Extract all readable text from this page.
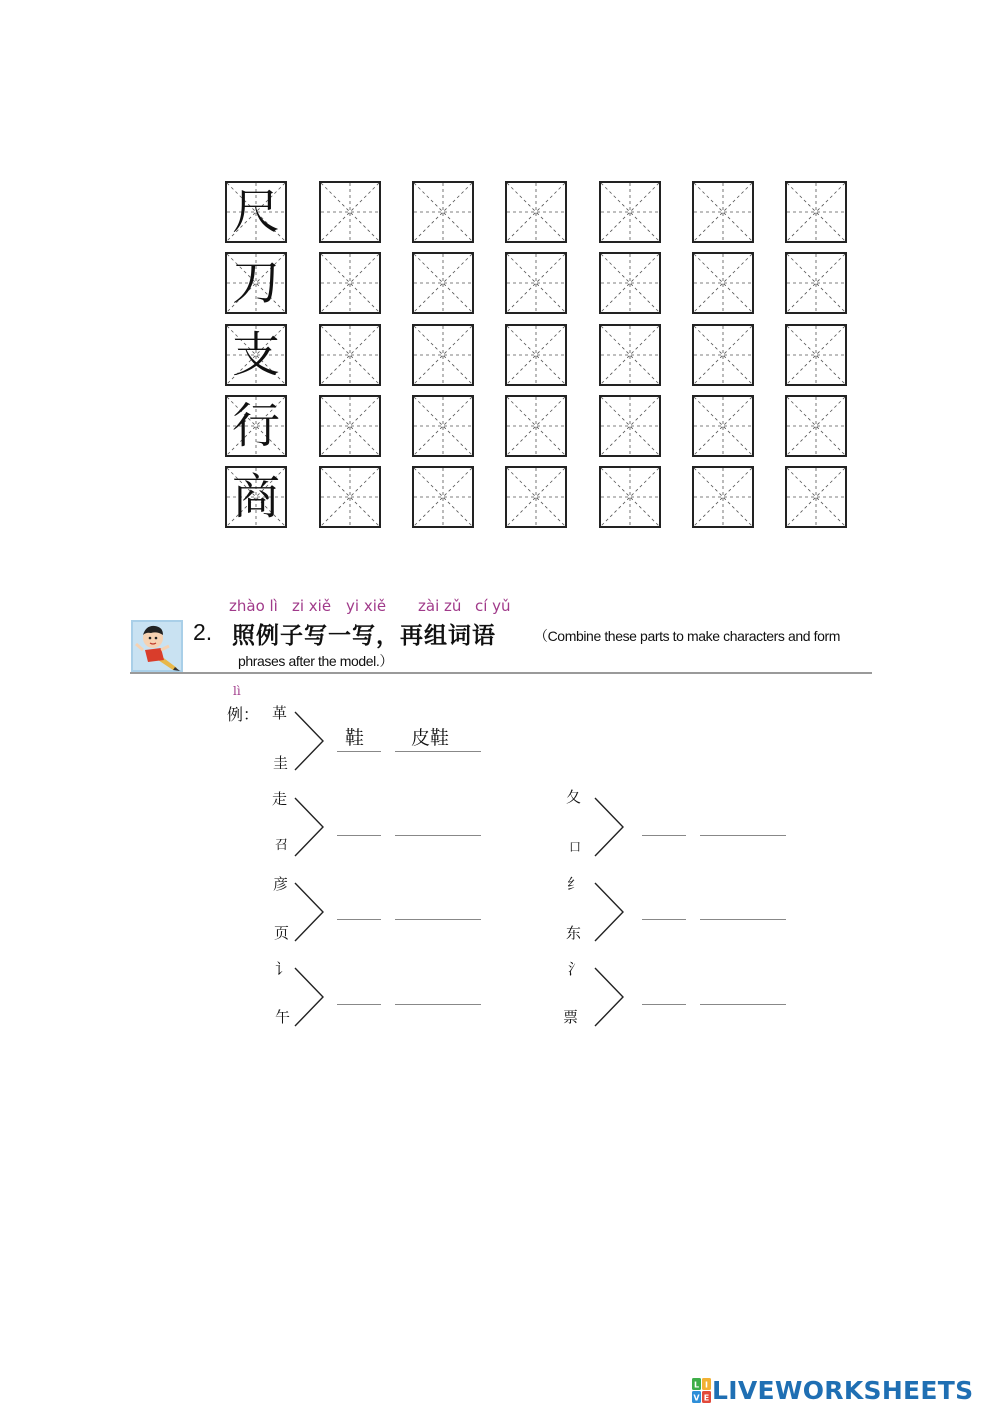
尺
刀
支
行
商
zhào lì zi xiě yi xiě zài zǔ cí yǔ
2. 照例子写一写，再组词语	（Combine these parts to make characters and form
phrases after the model.）
lì
例： 革
圭
鞋 皮鞋
走
召
彦
页
讠
午
夂
口
纟
东
氵
票
L I
V E LIVEWORKSHEETS
